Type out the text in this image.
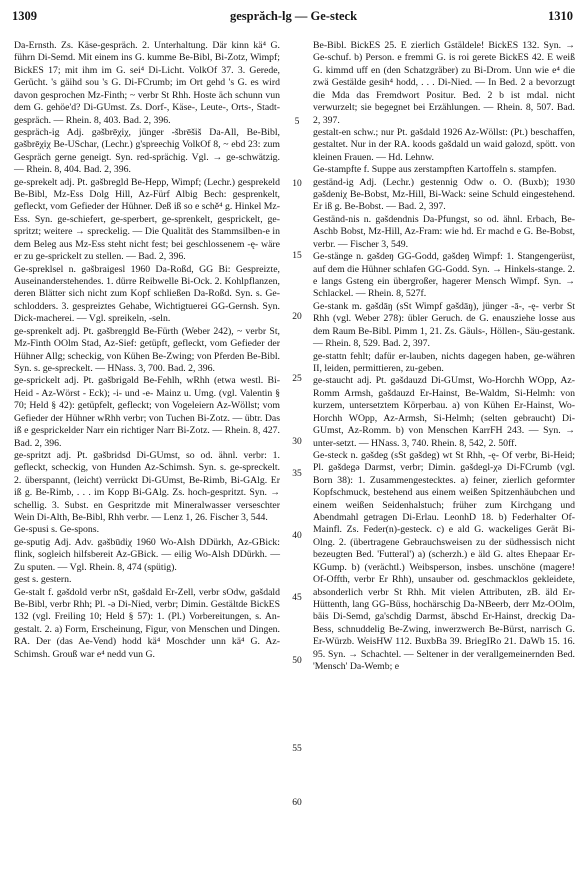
1309	gesprăch-lg — Ge-steck	1310

Da-Ernsth. Zs. Käse-gespräch. 2. Unterhaltung. Där kinn kä⁴ G. führn Di-Semd. Mit einem ins G. kumme Be-Bibl, Bi-Zotz, Wimpf; BickES 17; mit ihm im G. sei⁴ Di-Licht. VolkOf 37. 3. Gerede, Gerücht. 's gäihd sou 's G. Di-FCrumb; im Ort gehd 's G. es wird davon gesprochen Mz-Finth; ~ verbr St Rhh. Hoste äch schunn vun dem G. gehöe'd? Di-GUmst. Zs. Dorf-, Käse-, Leute-, Orts-, Stadt-gespräch. — Rhein. 8, 403. Bad. 2, 396.

gespräch-ig Adj. gəšbrēχiχ, jünger -šbrēšiš Da-All, Be-Bibl, gəšbrēχiχ Be-USchar, (Lechr.) g'spreechig VolkOf 8, ~ ebd 23: zum Gespräch gerne geneigt. Syn. red-sprächig. Vgl. → ge-schwätzig. — Rhein. 8, 404. Bad. 2, 396.

ge-sprekelt adj. Pt. gəšbregld Be-Hepp, Wimpf; (Lechr.) gesprekeld Be-Bibl, Mz-Ess Dolg Hill, Az-Fürf Albig Bech: gesprenkelt, gefleckt, vom Gefieder der Hühner. Deß iß so e schě⁴ g. Hinkel Mz-Ess. Syn. ge-schiefert, ge-sperbert, ge-sprenkelt, gesprickelt, ge-spritzt; weitere → spreckelig. — Die Qualität des Stammsilben-e in dem Beleg aus Mz-Ess steht nicht fest; bei geschlossenem -ę- wäre er zu ge-sprickelt zu stellen. — Bad. 2, 396.

Ge-spreklsel n. gəšbraigesl 1960 Da-Roßd, GG Bi: Gespreizte, Auseinanderstehendes. 1. dürre Reibwelle Bi-Ock. 2. Kohlpflanzen, deren Blätter sich nicht zum Kopf schließen Da-Roßd. Syn. s. Ge-schlodders. 3. gespreiztes Gehabe, Wichtigtuerei GG-Gernsh. Syn. Dick-macherei. — Vgl. spreikeln, -seln.

ge-sprenkelt adj. Pt. gəšbreŋgld Be-Fürth (Weber 242), ~ verbr St, Mz-Finth OOlm Stad, Az-Sief: getüpft, gefleckt, vom Gefieder der Hühner Allg; scheckig, von Kühen Be-Zwing; von Pferden Be-Bibl. Syn. s. ge-spreckelt. — HNass. 3, 700. Bad. 2, 396.

ge-sprickelt adj. Pt. gəšbrigəld Be-Fehlh, wRhh (etwa westl. Bi-Heid - Az-Wörst - Eck); -i- und -e- Mainz u. Umg. (vgl. Valentin § 70; Held § 42): getüpfelt, gefleckt; von Vogeleiern Az-Wöllst; vom Gefieder der Hühner wRhh verbr; von Tuchen Bi-Zotz. — übtr. Das iß e gesprickelder Narr ein richtiger Narr Bi-Zotz. — Rhein. 8, 427. Bad. 2, 396.

ge-spritzt adj. Pt. gəšbridsd Di-GUmst, so od. ähnl. verbr: 1. gefleckt, scheckig, von Hunden Az-Schimsh. Syn. s. ge-spreckelt. 2. überspannt, (leicht) verrückt Di-GUmst, Be-Rimb, Bi-GAlg. Er iß g. Be-Rimb, . . . im Kopp Bi-GAlg. Zs. hoch-gespritzt. Syn. → schellig. 3. Subst. en Gespritzde mit Mineralwasser verseschter Wein Di-Alth, Be-Bibl, Rhh verbr. — Lenz 1, 26. Fischer 3, 544.

Ge-spusi s. Ge-spons.

ge-sputig Adj. Adv. gəšbūdiχ 1960 Wo-Alsh DDürkh, Az-GBick: flink, sogleich hilfsbereit Az-GBick. — eilig Wo-Alsh DDürkh. — Zu sputen. — Vgl. Rhein. 8, 474 (spütig).

gest s. gestern.

Ge-stalt f. gəšdold verbr nSt, gəšdald Er-Zell, verbr sOdw, gəšdald Be-Bibl, verbr Rhh; Pl. -ə Di-Nied, verbr; Dimin. Gestältde BickES 132 (vgl. Freiling 10; Held § 57): 1. (Pl.) Vorbereitungen, s. An-gestalt. 2. a) Form, Erscheinung, Figur, von Menschen und Dingen. RA. Der (das Ae-Vend) hodd kä⁴ Moschder unn kä⁴ G. Az-Schimsh. Grouß war e⁴ nedd vun G.

5
10
15
20
25
30
35
40
45
50
55
60

Be-Bibl. BickES 25. E zierlich Gstäldele! BickES 132. Syn. → Ge-schuf. b) Person. e fremmi G. is roi gerete BickES 42. E weiß G. kimmd uff en (den Schatzgräber) zu Bi-Drom. Unn wie e⁴ die zwä Gestälde gesih⁴ hodd, . . . Di-Nied. — In Bed. 2 a bevorzugt die Mda das Fremdwort Positur. Bed. 2 b ist mdal. nicht verwurzelt; sie begegnet bei Erzählungen. — Rhein. 8, 507. Bad. 2, 397.

gestalt-en schw.; nur Pt. gəšdald 1926 Az-Wöllst: (Pt.) beschaffen, gestaltet. Nur in der RA. koods gəšdald un waid gəlozd, spött. von kleinen Frauen. — Hd. Lehnw.

Ge-stampfte f. Suppe aus zerstampften Kartoffeln s. stampfen.

geständ-ig Adj. (Lechr.) gestennig Odw o. O. (Buxb); 1930 gəšdeniχ Be-Bobst, Mz-Hill, Bi-Wack: seine Schuld eingestehend. Er iß g. Be-Bobst. — Bad. 2, 397.

Geständ-nis n. gəšdendnis Da-Pfungst, so od. ähnl. Erbach, Be-Aschb Bobst, Mz-Hill, Az-Fram: wie hd. Er machd e G. Be-Bobst, verbr. — Fischer 3, 549.

Ge-stänge n. gəšdeŋ GG-Godd, gəšdeŋ Wimpf: 1. Stangengerüst, auf dem die Hühner schlafen GG-Godd. Syn. → Hinkels-stange. 2. e langs Gsteng ein übergroßer, hagerer Mensch Wimpf. Syn. → Schlackel. — Rhein. 8, 527f.

Ge-stank m. gəšdāŋ (sSt Wimpf gəšdāŋ), jünger -ā-, -ę- verbr St Rhh (vgl. Weber 278): übler Geruch. de G. enausziehe losse aus dem Raum Be-Bibl. Pimm 1, 21. Zs. Gäuls-, Höllen-, Säu-gestank. — Rhein. 8, 529. Bad. 2, 397.

ge-stattn fehlt; dafür er-lauben, nichts dagegen haben, ge-währen II, leiden, permittieren, zu-geben.

ge-staucht adj. Pt. gəšdauzd Di-GUmst, Wo-Horchh WOpp, Az-Romm Armsh, gəšdauzd Er-Hainst, Be-Waldm, Si-Helmh: von kurzem, untersetztem Körperbau. a) von Kühen Er-Hainst, Wo-Horchh WOpp, Az-Armsh, Si-Helmh; (selten gebraucht) Di-GUmst, Az-Romm. b) von Menschen KarrFH 243. — Syn. → unter-setzt. — HNass. 3, 740. Rhein. 8, 542, 2. 50ff.

Ge-steck n. gəšdeg (sSt gəšdeg) wt St Rhh, -ę- Of verbr, Bi-Heid; Pl. gəšdegə Darmst, verbr; Dimin. gəšdegl-χə Di-FCrumb (vgl. Born 38): 1. Zusammengestecktes. a) feiner, zierlich geformter Kopfschmuck, bestehend aus einem weißen Spitzenhäubchen und einem weißen Seidenhalstuch; früher zum Kirchgang und Abendmahl getragen Di-Erlau. LeonhD 18. b) Federhalter Of-Mainfl. Zs. Feder(n)-gesteck. c) e ald G. wackeliges Gerät Bi-Olng. 2. (übertragene Gebrauchsweisen zu der südhessisch nicht bezeugten Bed. 'Futteral') a) (scherzh.) e äld G. altes Ehepaar Er-KGump. b) (verächtl.) Weibsperson, insbes. unschöne (magere! Of-Offth, verbr Er Rhh), unsauber od. geschmacklos gekleidete, absonderlich verbr St Rhh. Mit vielen Attributen, zB. äld Er-Hüttenth, lang GG-Büss, hochärschig Da-NBeerb, derr Mz-OOlm, bäis Di-Semd, ga'schdig Darmst, äbschd Er-Hainst, dreckig Da-Bess, schnuddelig Be-Zwing, inwerzwerch Be-Bürst, narrisch G. Er-Würzb. WeisHW 112. BuxbBa 39. BriegIRo 21. DaWb 15. 16. 95. Syn. → Schachtel. — Seltener in der verallgemeinernden Bed. 'Mensch' Da-Wemb; e
